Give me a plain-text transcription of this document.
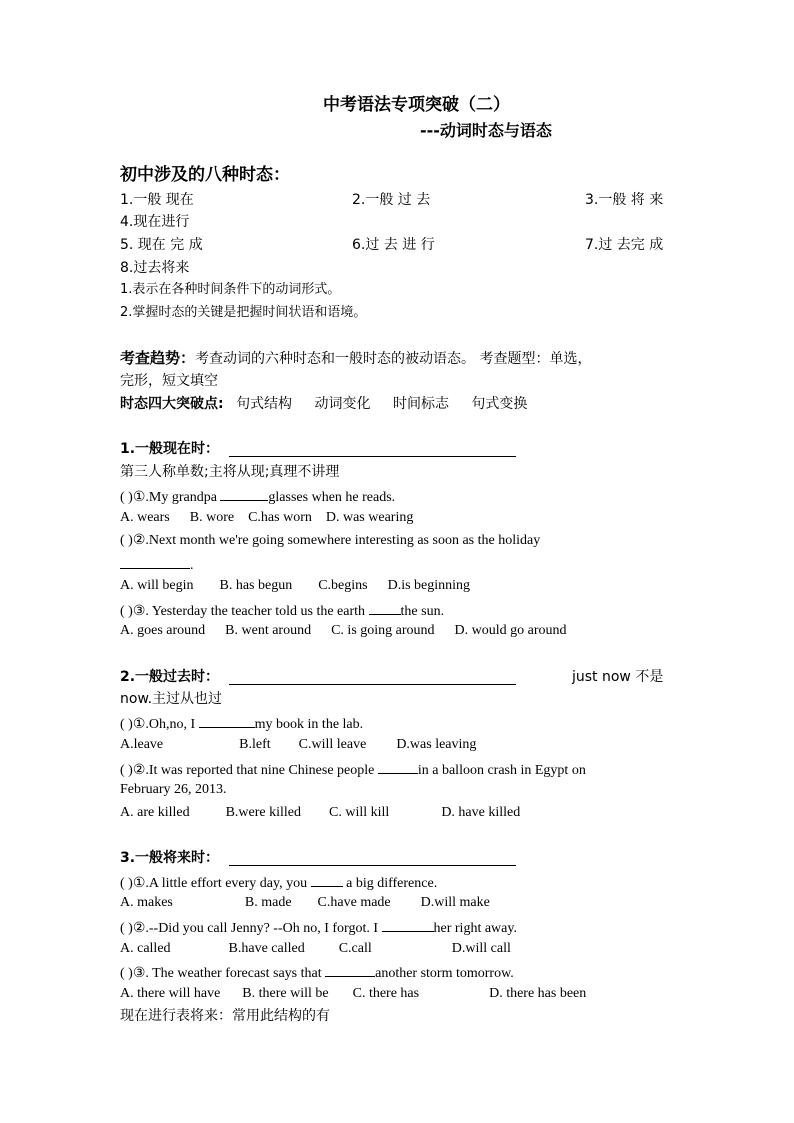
中考语法专项突破（二）
---动词时态与语态
初中涉及的八种时态：
1.一般 现在	2.一般 过 去	3.一般 将 来
4.现在进行
5. 现在 完 成	6.过 去 进 行	7.过 去完 成
8.过去将来
1.表示在各种时间条件下的动词形式。
2.掌握时态的关键是把握时间状语和语境。
考查趋势：考查动词的六种时态和一般时态的被动语态。 考查题型：单选，
完形，短文填空
时态四大突破点: 句式结构 动词变化 时间标志 句式变换
1.一般现在时：
第三人称单数;主将从现;真理不讲理
( )①.My grandpa	glasses when he reads.
A. wears B. wore C.has worn D. was wearing
( )②.Next month we're going somewhere interesting as soon as the holiday
.
A. will begin B. has begun C.begins D.is beginning
( )③. Yesterday the teacher told us the earth the sun.
A. goes around B. went around C. is going around D. would go around
2.一般过去时：	just now 不是
now.主过从也过
( )①.Oh,no, I	my book in the lab.
A.leave	B.left C.will leave D.was leaving
( )②.It was reported that nine Chinese people	in a balloon crash in Egypt on
February 26, 2013.
A. are killed	B.were killed C. will kill	D. have killed
3.一般将来时：
( )①.A little effort every day, you  a big difference.
A. makes	B. made C.have made D.will make
( )②.--Did you call Jenny? --Oh no, I forgot. I	her right away.
A. called	B.have called C.call	D.will call
( )③. The weather forecast says that	another storm tomorrow.
A. there will have B. there will be C. there has	D. there has been
现在进行表将来：常用此结构的有
